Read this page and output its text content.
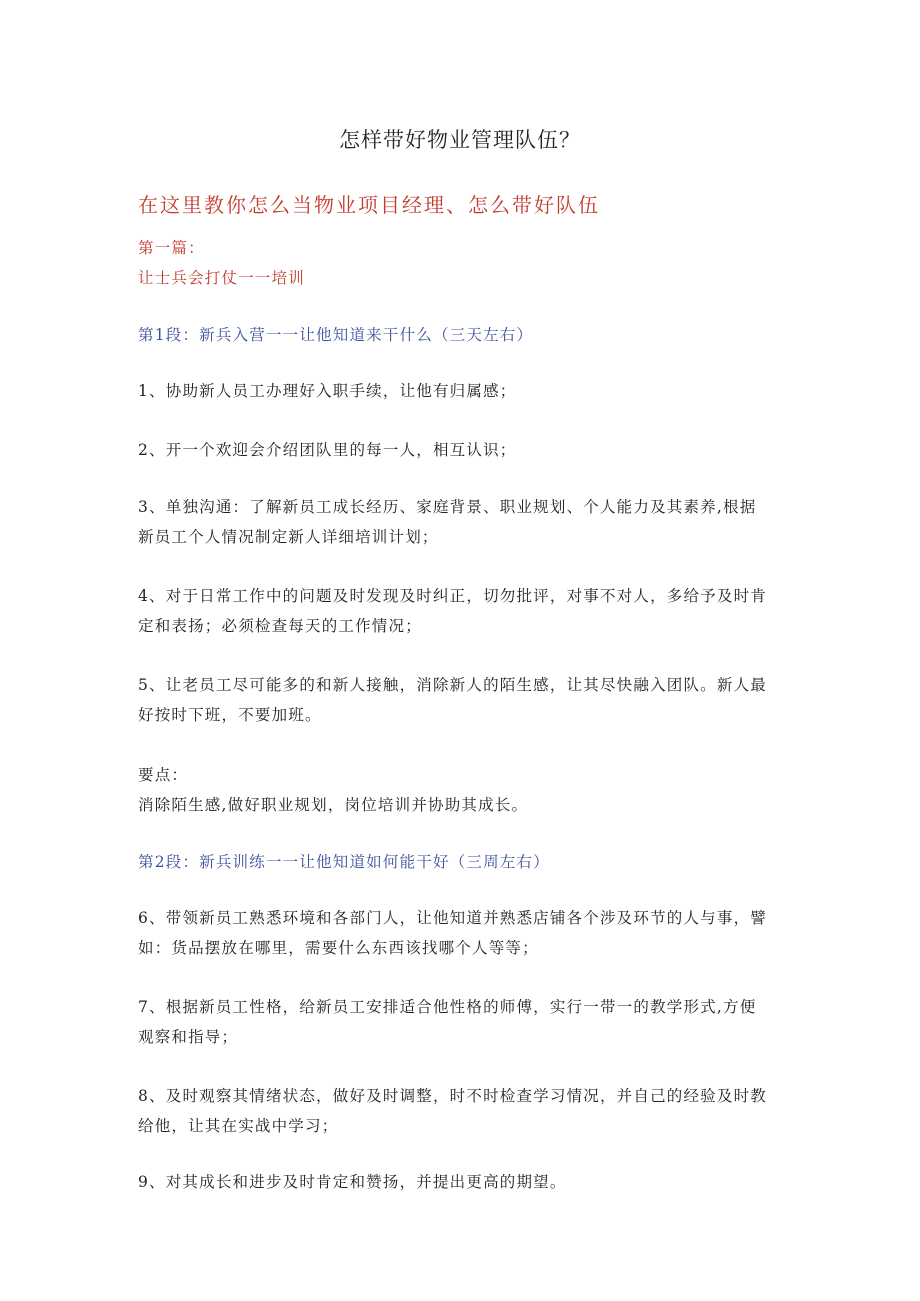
怎样带好物业管理队伍？
在这里教你怎么当物业项目经理、怎么带好队伍
第一篇：
让士兵会打仗一一培训
第1段：新兵入营一一让他知道来干什么（三天左右）
1、协助新人员工办理好入职手续，让他有归属感；
2、开一个欢迎会介绍团队里的每一人，相互认识；
3、单独沟通：了解新员工成长经历、家庭背景、职业规划、个人能力及其素养,根据
新员工个人情况制定新人详细培训计划；
4、对于日常工作中的问题及时发现及时纠正，切勿批评，对事不对人，多给予及时肯
定和表扬；必须检查每天的工作情况；
5、让老员工尽可能多的和新人接触，消除新人的陌生感，让其尽快融入团队。新人最
好按时下班，不要加班。
要点：
消除陌生感,做好职业规划，岗位培训并协助其成长。
第2段：新兵训练一一让他知道如何能干好（三周左右）
6、带领新员工熟悉环境和各部门人，让他知道并熟悉店铺各个涉及环节的人与事，譬
如：货品摆放在哪里，需要什么东西该找哪个人等等；
7、根据新员工性格，给新员工安排适合他性格的师傅，实行一带一的教学形式,方便
观察和指导；
8、及时观察其情绪状态，做好及时调整，时不时检查学习情况，并自己的经验及时教
给他，让其在实战中学习；
9、对其成长和进步及时肯定和赞扬，并提出更高的期望。
